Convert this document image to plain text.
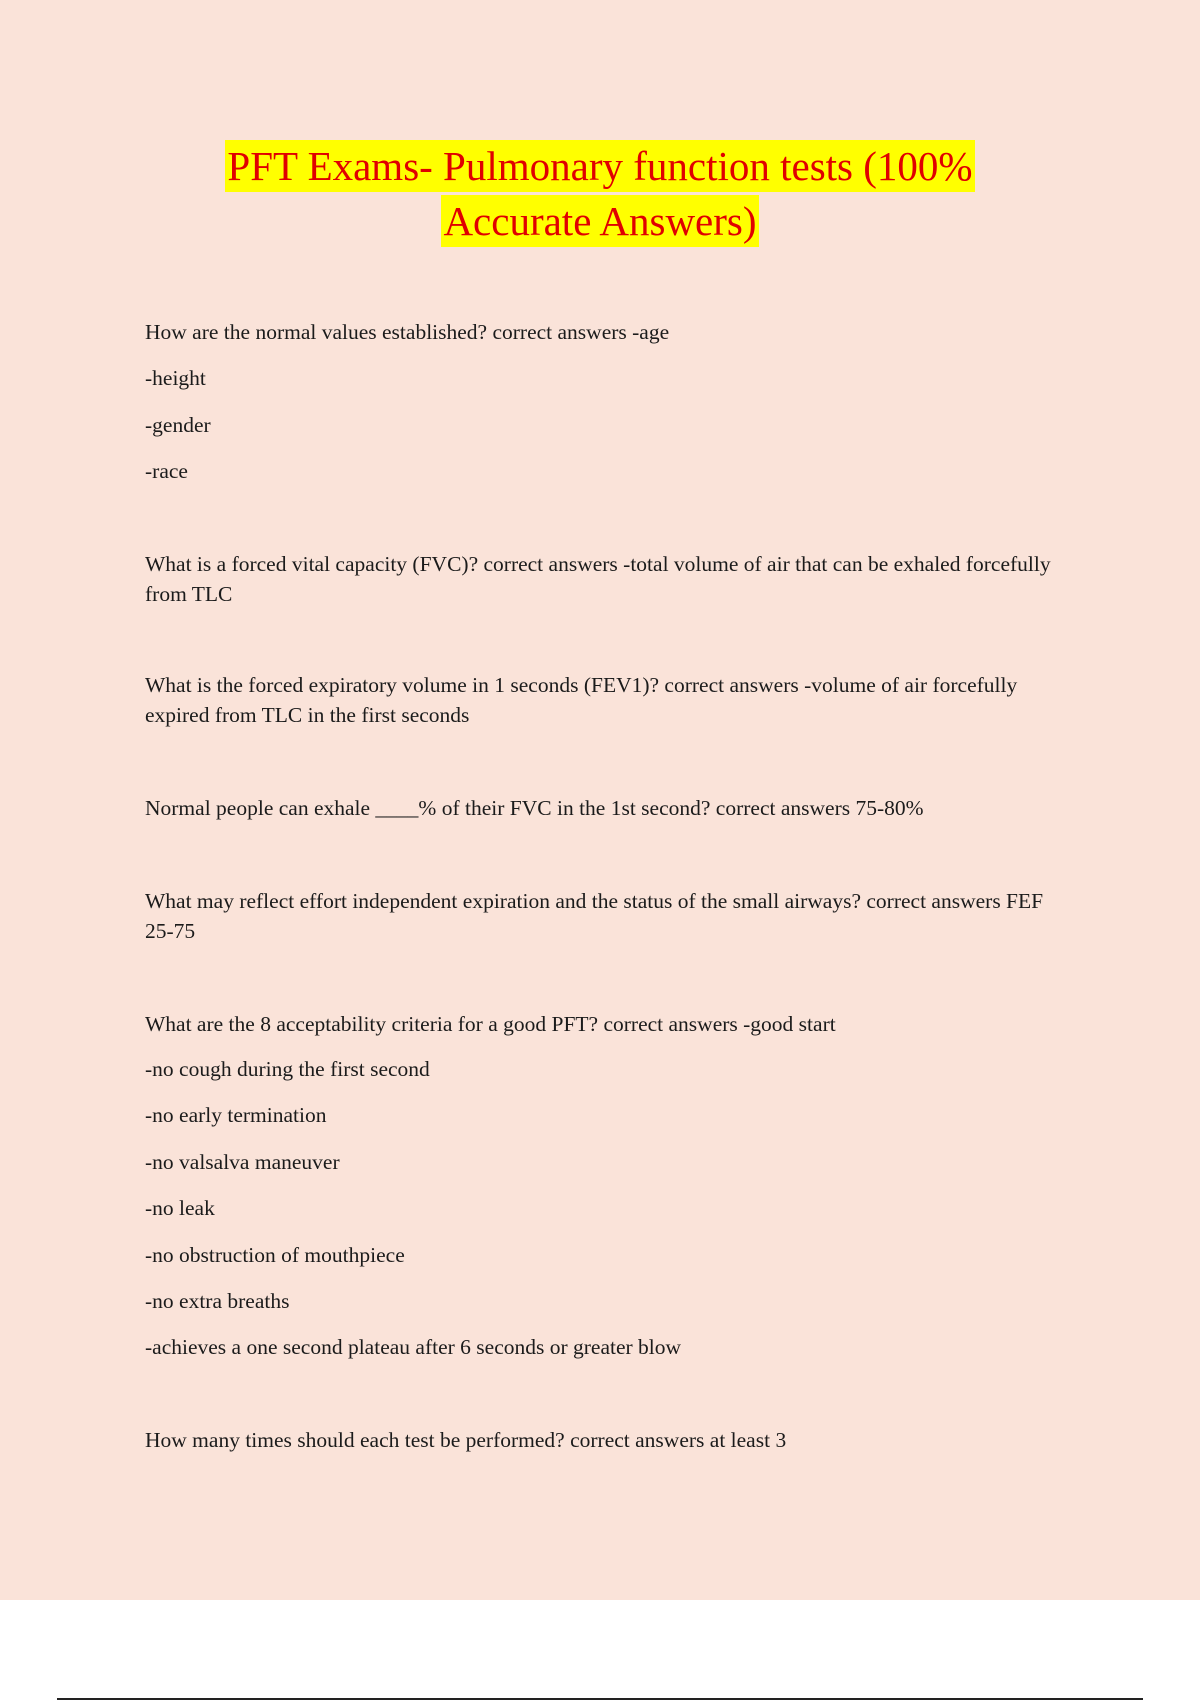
PFT Exams- Pulmonary function tests (100%
Accurate Answers)
How are the normal values established? correct answers -age
-height
-gender
-race
What is a forced vital capacity (FVC)? correct answers -total volume of air that can be exhaled forcefully from TLC
What is the forced expiratory volume in 1 seconds (FEV1)? correct answers -volume of air forcefully expired from TLC in the first seconds
Normal people can exhale ____% of their FVC in the 1st second? correct answers 75-80%
What may reflect effort independent expiration and the status of the small airways? correct answers FEF 25-75
What are the 8 acceptability criteria for a good PFT? correct answers -good start
-no cough during the first second
-no early termination
-no valsalva maneuver
-no leak
-no obstruction of mouthpiece
-no extra breaths
-achieves a one second plateau after 6 seconds or greater blow
How many times should each test be performed? correct answers at least 3
